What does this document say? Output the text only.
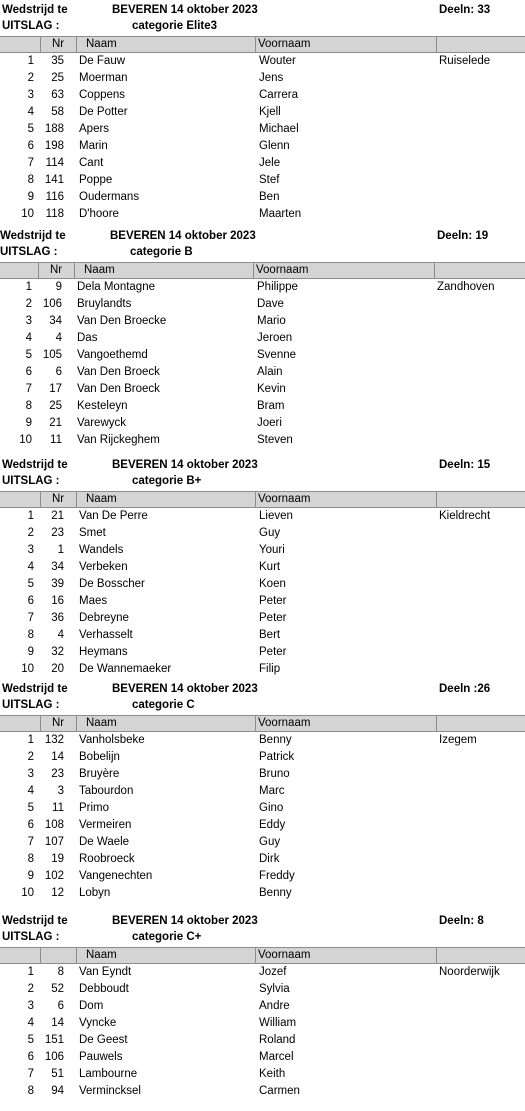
Wedstrijd te	BEVEREN 14 oktober 2023	Deeln: 33
UITSLAG :	categorie Elite3
Nr Naam	Voornaam
1	35 De Fauw	Wouter	Ruiselede
2	25 Moerman	Jens
3	63 Coppens	Carrera
4	58 De Potter	Kjell
5 188 Apers	Michael
6 198 Marin	Glenn
7	114 Cant	Jele
8 141 Poppe	Stef
9	116 Oudermans	Ben
10	118 D'hoore	Maarten
Wedstrijd te	BEVEREN 14 oktober 2023	Deeln: 19
UITSLAG :	categorie B
Nr Naam	Voornaam
1	9 Dela Montagne	Philippe	Zandhoven
2 106 Bruylandts	Dave
3	34 Van Den Broecke	Mario
4	4 Das	Jeroen
5 105 Vangoethemd	Svenne
6	6 Van Den Broeck	Alain
7	17 Van Den Broeck	Kevin
8	25 Kesteleyn	Bram
9	21 Varewyck	Joeri
10	11 Van Rijckeghem	Steven
Wedstrijd te	BEVEREN 14 oktober 2023	Deeln: 15
UITSLAG :	categorie B+
Nr Naam	Voornaam
1	21 Van De Perre	Lieven	Kieldrecht
2	23 Smet	Guy
3	1 Wandels	Youri
4	34 Verbeken	Kurt
5	39 De Bosscher	Koen
6	16 Maes	Peter
7	36 Debreyne	Peter
8	4 Verhasselt	Bert
9	32 Heymans	Peter
10	20 De Wannemaeker	Filip
Wedstrijd te	BEVEREN 14 oktober 2023	Deeln :26
UITSLAG :	categorie C
Nr Naam	Voornaam
1 132 Vanholsbeke	Benny	Izegem
2	14 Bobelijn	Patrick
3	23 Bruyère	Bruno
4	3 Tabourdon	Marc
5	11 Primo	Gino
6 108 Vermeiren	Eddy
7 107 De Waele	Guy
8	19 Roobroeck	Dirk
9 102 Vangenechten	Freddy
10	12 Lobyn	Benny
Wedstrijd te	BEVEREN 14 oktober 2023	Deeln: 8
UITSLAG :	categorie C+
Naam	Voornaam
1	8 Van Eyndt	Jozef	Noorderwijk
2	52 Debboudt	Sylvia
3	6 Dom	Andre
4	14 Vyncke	William
5 151 De Geest	Roland
6 106 Pauwels	Marcel
7	51 Lambourne	Keith
8	94 Vermincksel	Carmen
